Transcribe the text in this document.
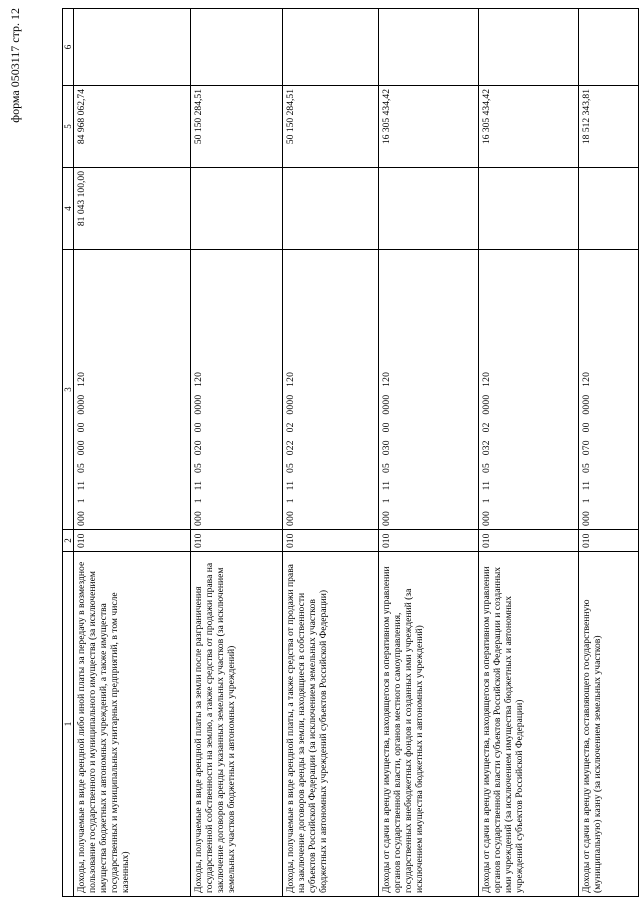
форма 0503117 стр. 12
1	2	3	4	5	6
Доходы, получаемые в виде арендной либо иной платы за передачу в возмездное пользование государственного и муниципального имущества (за исключением имущества бюджетных и автономных учреждений, а также имущества государственных и муниципальных унитарных предприятий, в том числе казенных)	010	000   1   11   05   000   00   0000   120	81 043 100,00	84 968 062,74	
Доходы, получаемые в виде арендной платы за земли после разграничения государственной собственности на землю, а также средства от продажи права на заключение договоров аренды указанных земельных участков (за исключением земельных участков бюджетных и автономных учреждений)	010	000   1   11   05   020   00   0000   120		50 150 284,51	
Доходы, получаемые в виде арендной платы, а также средства от продажи права на заключение договоров аренды за земли, находящиеся в собственности субъектов Российской Федерации (за исключением земельных участков бюджетных и автономных учреждений субъектов Российской Федерации)	010	000   1   11   05   022   02   0000   120		50 150 284,51	
Доходы от сдачи в аренду имущества, находящегося в оперативном управлении органов государственной власти, органов местного самоуправления, государственных внебюджетных фондов и созданных ими учреждений (за исключением имущества бюджетных и автономных учреждений)	010	000   1   11   05   030   00   0000   120		16 305 434,42	
Доходы от сдачи в аренду имущества, находящегося в оперативном управлении органов государственной власти субъектов Российской Федерации и созданных ими учреждений (за исключением имущества бюджетных и автономных учреждений субъектов Российской Федерации)	010	000   1   11   05   032   02   0000   120		16 305 434,42	
Доходы от сдачи в аренду имущества, составляющего государственную (муниципальную) казну (за исключением земельных участков)	010	000   1   11   05   070   00   0000   120		18 512 343,81	
